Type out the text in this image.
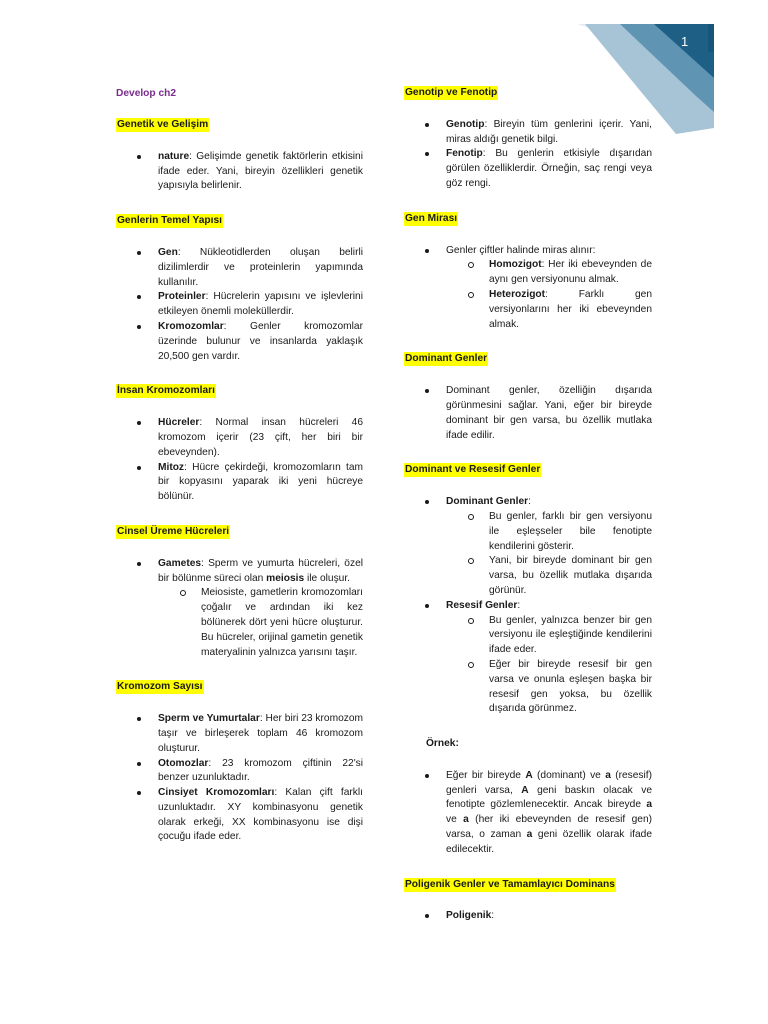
1
Develop ch2
Genetik ve Gelişim
nature: Gelişimde genetik faktörlerin etkisini ifade eder. Yani, bireyin özellikleri genetik yapısıyla belirlenir.
Genlerin Temel Yapısı
Gen: Nükleotidlerden oluşan belirli dizilimlerdir ve proteinlerin yapımında kullanılır.
Proteinler: Hücrelerin yapısını ve işlevlerini etkileyen önemli moleküllerdir.
Kromozomlar: Genler kromozomlar üzerinde bulunur ve insanlarda yaklaşık 20,500 gen vardır.
İnsan Kromozomları
Hücreler: Normal insan hücreleri 46 kromozom içerir (23 çift, her biri bir ebeveynden).
Mitoz: Hücre çekirdeği, kromozomların tam bir kopyasını yaparak iki yeni hücreye bölünür.
Cinsel Üreme Hücreleri
Gametes: Sperm ve yumurta hücreleri, özel bir bölünme süreci olan meiosis ile oluşur.
Meiosiste, gametlerin kromozomları çoğalır ve ardından iki kez bölünerek dört yeni hücre oluşturur. Bu hücreler, orijinal gametin genetik materyalinin yalnızca yarısını taşır.
Kromozom Sayısı
Sperm ve Yumurtalar: Her biri 23 kromozom taşır ve birleşerek toplam 46 kromozom oluşturur.
Otomozlar: 23 kromozom çiftinin 22'si benzer uzunluktadır.
Cinsiyet Kromozomları: Kalan çift farklı uzunluktadır. XY kombinasyonu genetik olarak erkeği, XX kombinasyonu ise dişi çocuğu ifade eder.
Genotip ve Fenotip
Genotip: Bireyin tüm genlerini içerir. Yani, miras aldığı genetik bilgi.
Fenotip: Bu genlerin etkisiyle dışarıdan görülen özelliklerdir. Örneğin, saç rengi veya göz rengi.
Gen Mirası
Genler çiftler halinde miras alınır:
Homozigot: Her iki ebeveynden de aynı gen versiyonunu almak.
Heterozigot: Farklı gen versiyonlarını her iki ebeveynden almak.
Dominant Genler
Dominant genler, özelliğin dışarıda görünmesini sağlar. Yani, eğer bir bireyde dominant bir gen varsa, bu özellik mutlaka ifade edilir.
Dominant ve Resesif Genler
Dominant Genler:
Bu genler, farklı bir gen versiyonu ile eşleşseler bile fenotipte kendilerini gösterir.
Yani, bir bireyde dominant bir gen varsa, bu özellik mutlaka dışarıda görünür.
Resesif Genler:
Bu genler, yalnızca benzer bir gen versiyonu ile eşleştiğinde kendilerini ifade eder.
Eğer bir bireyde resesif bir gen varsa ve onunla eşleşen başka bir resesif gen yoksa, bu özellik dışarıda görünmez.
Örnek:
Eğer bir bireyde A (dominant) ve a (resesif) genleri varsa, A geni baskın olacak ve fenotipte gözlemlenecektir. Ancak bireyde a ve a (her iki ebeveynden de resesif gen) varsa, o zaman a geni özellik olarak ifade edilecektir.
Poligenik Genler ve Tamamlayıcı Dominans
Poligenik:
